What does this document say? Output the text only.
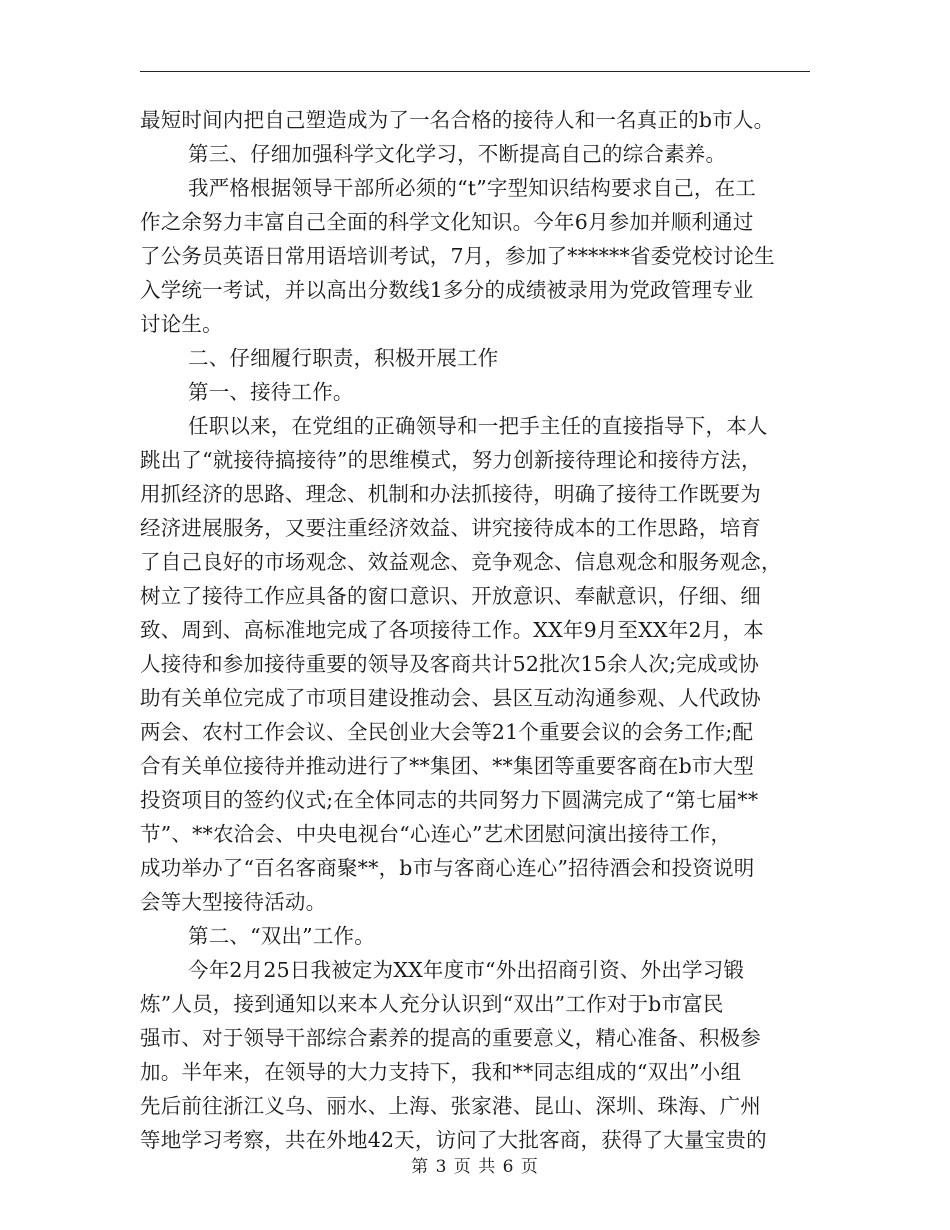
最短时间内把自己塑造成为了一名合格的接待人和一名真正的b市人。
第三、仔细加强科学文化学习，不断提高自己的综合素养。
我严格根据领导干部所必须的“t”字型知识结构要求自己，在工
作之余努力丰富自己全面的科学文化知识。今年6月参加并顺利通过
了公务员英语日常用语培训考试，7月，参加了******省委党校讨论生
入学统一考试，并以高出分数线1多分的成绩被录用为党政管理专业
讨论生。
二、仔细履行职责，积极开展工作
第一、接待工作。
任职以来，在党组的正确领导和一把手主任的直接指导下，本人
跳出了“就接待搞接待”的思维模式，努力创新接待理论和接待方法，
用抓经济的思路、理念、机制和办法抓接待，明确了接待工作既要为
经济进展服务，又要注重经济效益、讲究接待成本的工作思路，培育
了自己良好的市场观念、效益观念、竞争观念、信息观念和服务观念，
树立了接待工作应具备的窗口意识、开放意识、奉献意识，仔细、细
致、周到、高标准地完成了各项接待工作。XX年9月至XX年2月，本
人接待和参加接待重要的领导及客商共计52批次15余人次;完成或协
助有关单位完成了市项目建设推动会、县区互动沟通参观、人代政协
两会、农村工作会议、全民创业大会等21个重要会议的会务工作;配
合有关单位接待并推动进行了**集团、**集团等重要客商在b市大型
投资项目的签约仪式;在全体同志的共同努力下圆满完成了“第七届**
节”、**农洽会、中央电视台“心连心”艺术团慰问演出接待工作，
成功举办了“百名客商聚**，b市与客商心连心”招待酒会和投资说明
会等大型接待活动。
第二、“双出”工作。
今年2月25日我被定为XX年度市“外出招商引资、外出学习锻
炼”人员，接到通知以来本人充分认识到“双出”工作对于b市富民
强市、对于领导干部综合素养的提高的重要意义，精心准备、积极参
加。半年来，在领导的大力支持下，我和**同志组成的“双出”小组
先后前往浙江义乌、丽水、上海、张家港、昆山、深圳、珠海、广州
等地学习考察，共在外地42天，访问了大批客商，获得了大量宝贵的
第 3 页 共 6 页
